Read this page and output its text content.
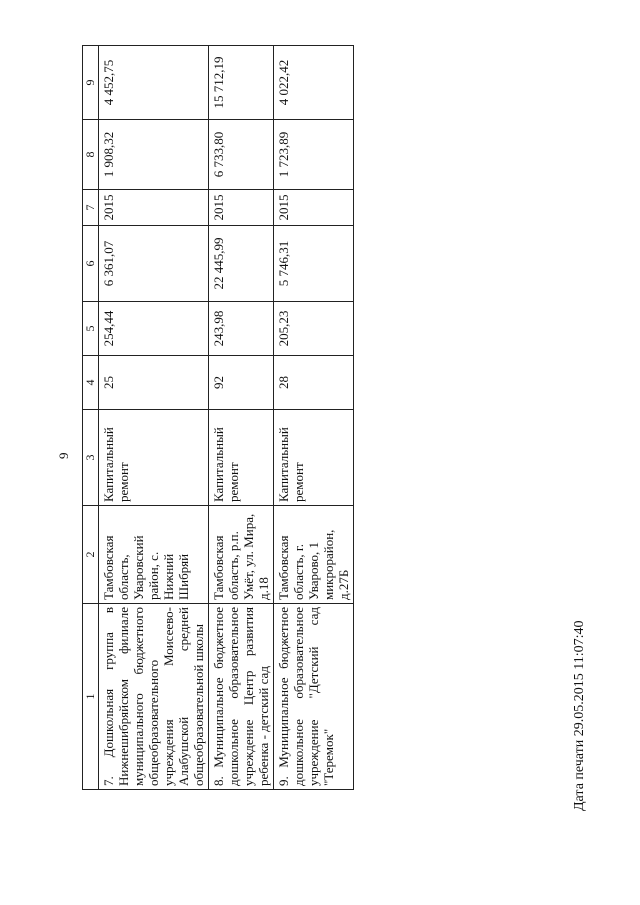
9
1	2	3	4	5	6	7	8	9
7. Дошкольная группа в Нижнешибряйском филиале муниципального бюджетного общеобразовательного учреждения Моисеево-Алабушской средней общеобразовательной школы	Тамбовская область, Уваровский район, с. Нижний Шибряй	Капитальный ремонт	25	254,44	6 361,07	2015	1 908,32	4 452,75
8. Муниципальное бюджетное дошкольное образовательное учреждение Центр развития ребенка - детский сад	Тамбовская область, р.п. Умёт, ул. Мира, д.18	Капитальный ремонт	92	243,98	22 445,99	2015	6 733,80	15 712,19
9. Муниципальное бюджетное дошкольное образовательное учреждение "Детский сад "Теремок"	Тамбовская область, г. Уварово, 1 микрорайон, д.27Б	Капитальный ремонт	28	205,23	5 746,31	2015	1 723,89	4 022,42
Дата печати 29.05.2015 11:07:40
